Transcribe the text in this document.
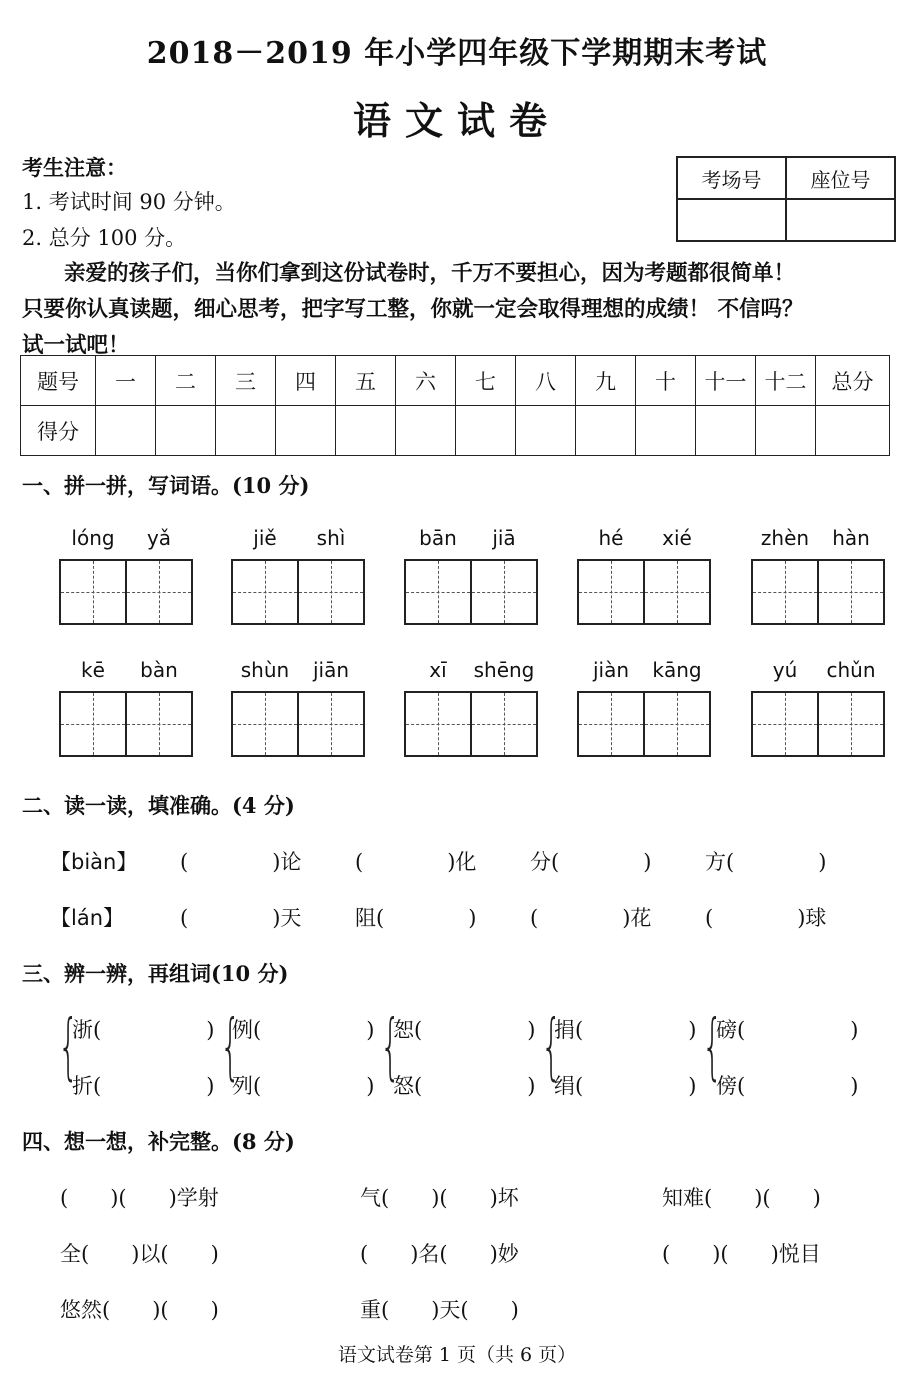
2018－2019 年小学四年级下学期期末考试
语文试卷
考生注意：
1. 考试时间 90 分钟。
2. 总分 100 分。
考场号	座位号

亲爱的孩子们，当你们拿到这份试卷时，千万不要担心，因为考题都很简单！
只要你认真读题，细心思考，把字写工整，你就一定会取得理想的成绩！ 不信吗？
试一试吧！
题号	一	二	三	四	五	六	七	八	九	十	十一	十二	总分
得分													
一、拼一拼，写词语。(10 分)
lóng yǎ	jiě shì	bān jiā	hé xié	zhèn hàn
kē bàn	shùn jiān	xī shēng	jiàn kāng	yú chǔn
二、读一读，填准确。(4 分)
【biàn】 (　　　　)论	(　　　　)化	分(　　　　)	方(　　　　)
【lán】	(　　　　)天	阻(　　　　)	(　　　　)花	(　　　　)球
三、辨一辨，再组词(10 分)
{
浙(　　　　　)
折(　　　　　) {
例(　　　　　)
列(　　　　　) {
恕(　　　　　)
怒(　　　　　) {
捐(　　　　　)
绢(　　　　　) {
磅(　　　　　)
傍(　　　　　)
四、想一想，补完整。(8 分)
(　　)(　　)学射	气(　　)(　　)坏	知难(　　)(　　)
全(　　)以(　　)	(　　)名(　　)妙	(　　)(　　)悦目
悠然(　　)(　　)	重(　　)天(　　)
语文试卷第 1 页（共 6 页）
